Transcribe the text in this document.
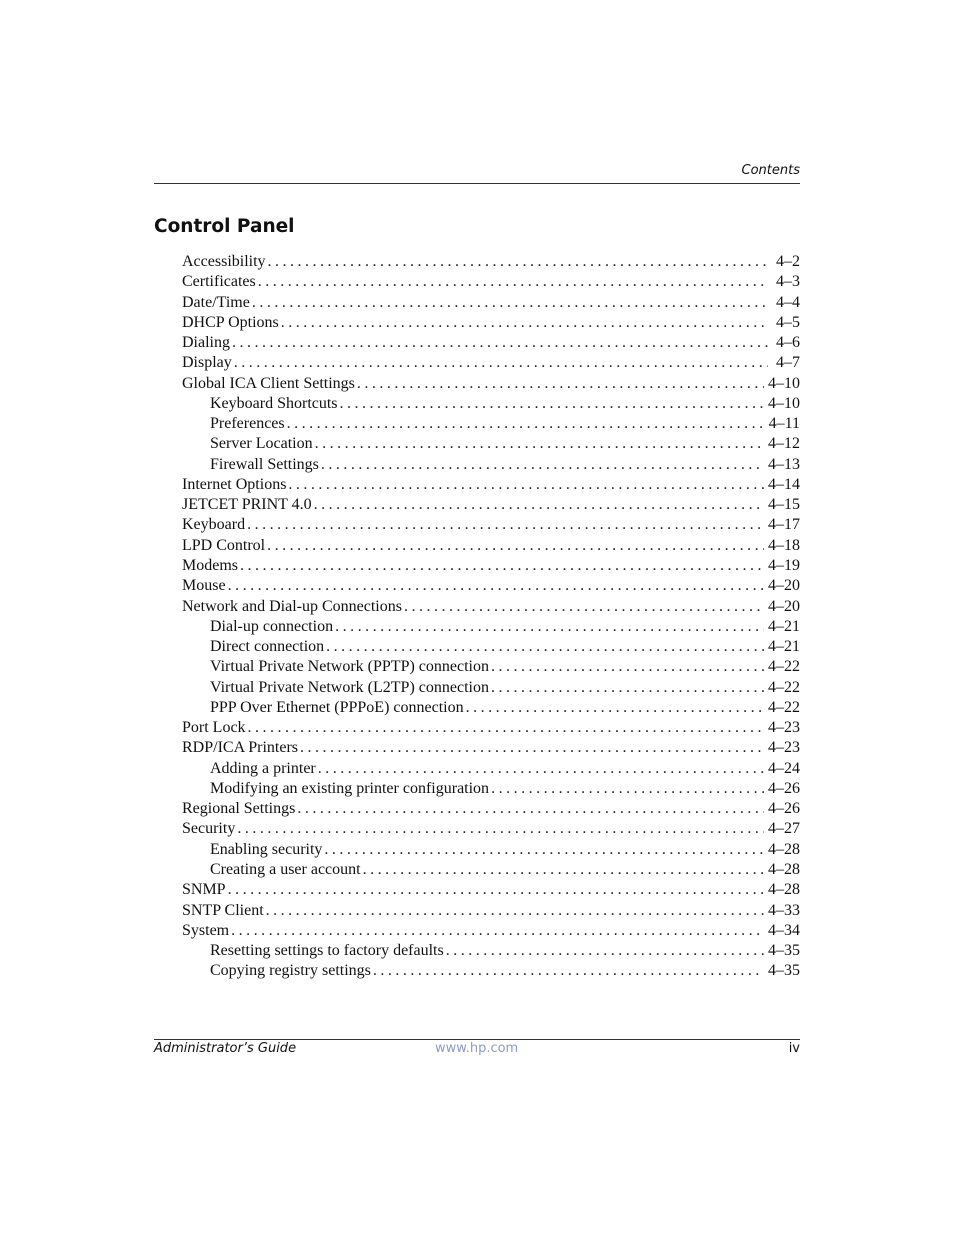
Contents
Control Panel
Accessibility . . .	4–2
Certificates . . .	4–3
Date/Time . . .	4–4
DHCP Options . . .	4–5
Dialing . . .	4–6
Display . . .	4–7
Global ICA Client Settings . . .	4–10
Keyboard Shortcuts . . .	4–10
Preferences . . .	4–11
Server Location . . .	4–12
Firewall Settings . . .	4–13
Internet Options . . .	4–14
JETCET PRINT 4.0 . . .	4–15
Keyboard . . .	4–17
LPD Control . . .	4–18
Modems . . .	4–19
Mouse . . .	4–20
Network and Dial-up Connections . . .	4–20
Dial-up connection . . .	4–21
Direct connection . . .	4–21
Virtual Private Network (PPTP) connection . . .	4–22
Virtual Private Network (L2TP) connection . . .	4–22
PPP Over Ethernet (PPPoE) connection . . .	4–22
Port Lock . . .	4–23
RDP/ICA Printers . . .	4–23
Adding a printer . . .	4–24
Modifying an existing printer configuration . . .	4–26
Regional Settings . . .	4–26
Security . . .	4–27
Enabling security . . .	4–28
Creating a user account . . .	4–28
SNMP . . .	4–28
SNTP Client . . .	4–33
System . . .	4–34
Resetting settings to factory defaults . . .	4–35
Copying registry settings . . .	4–35
Administrator’s Guide	www.hp.com	iv
